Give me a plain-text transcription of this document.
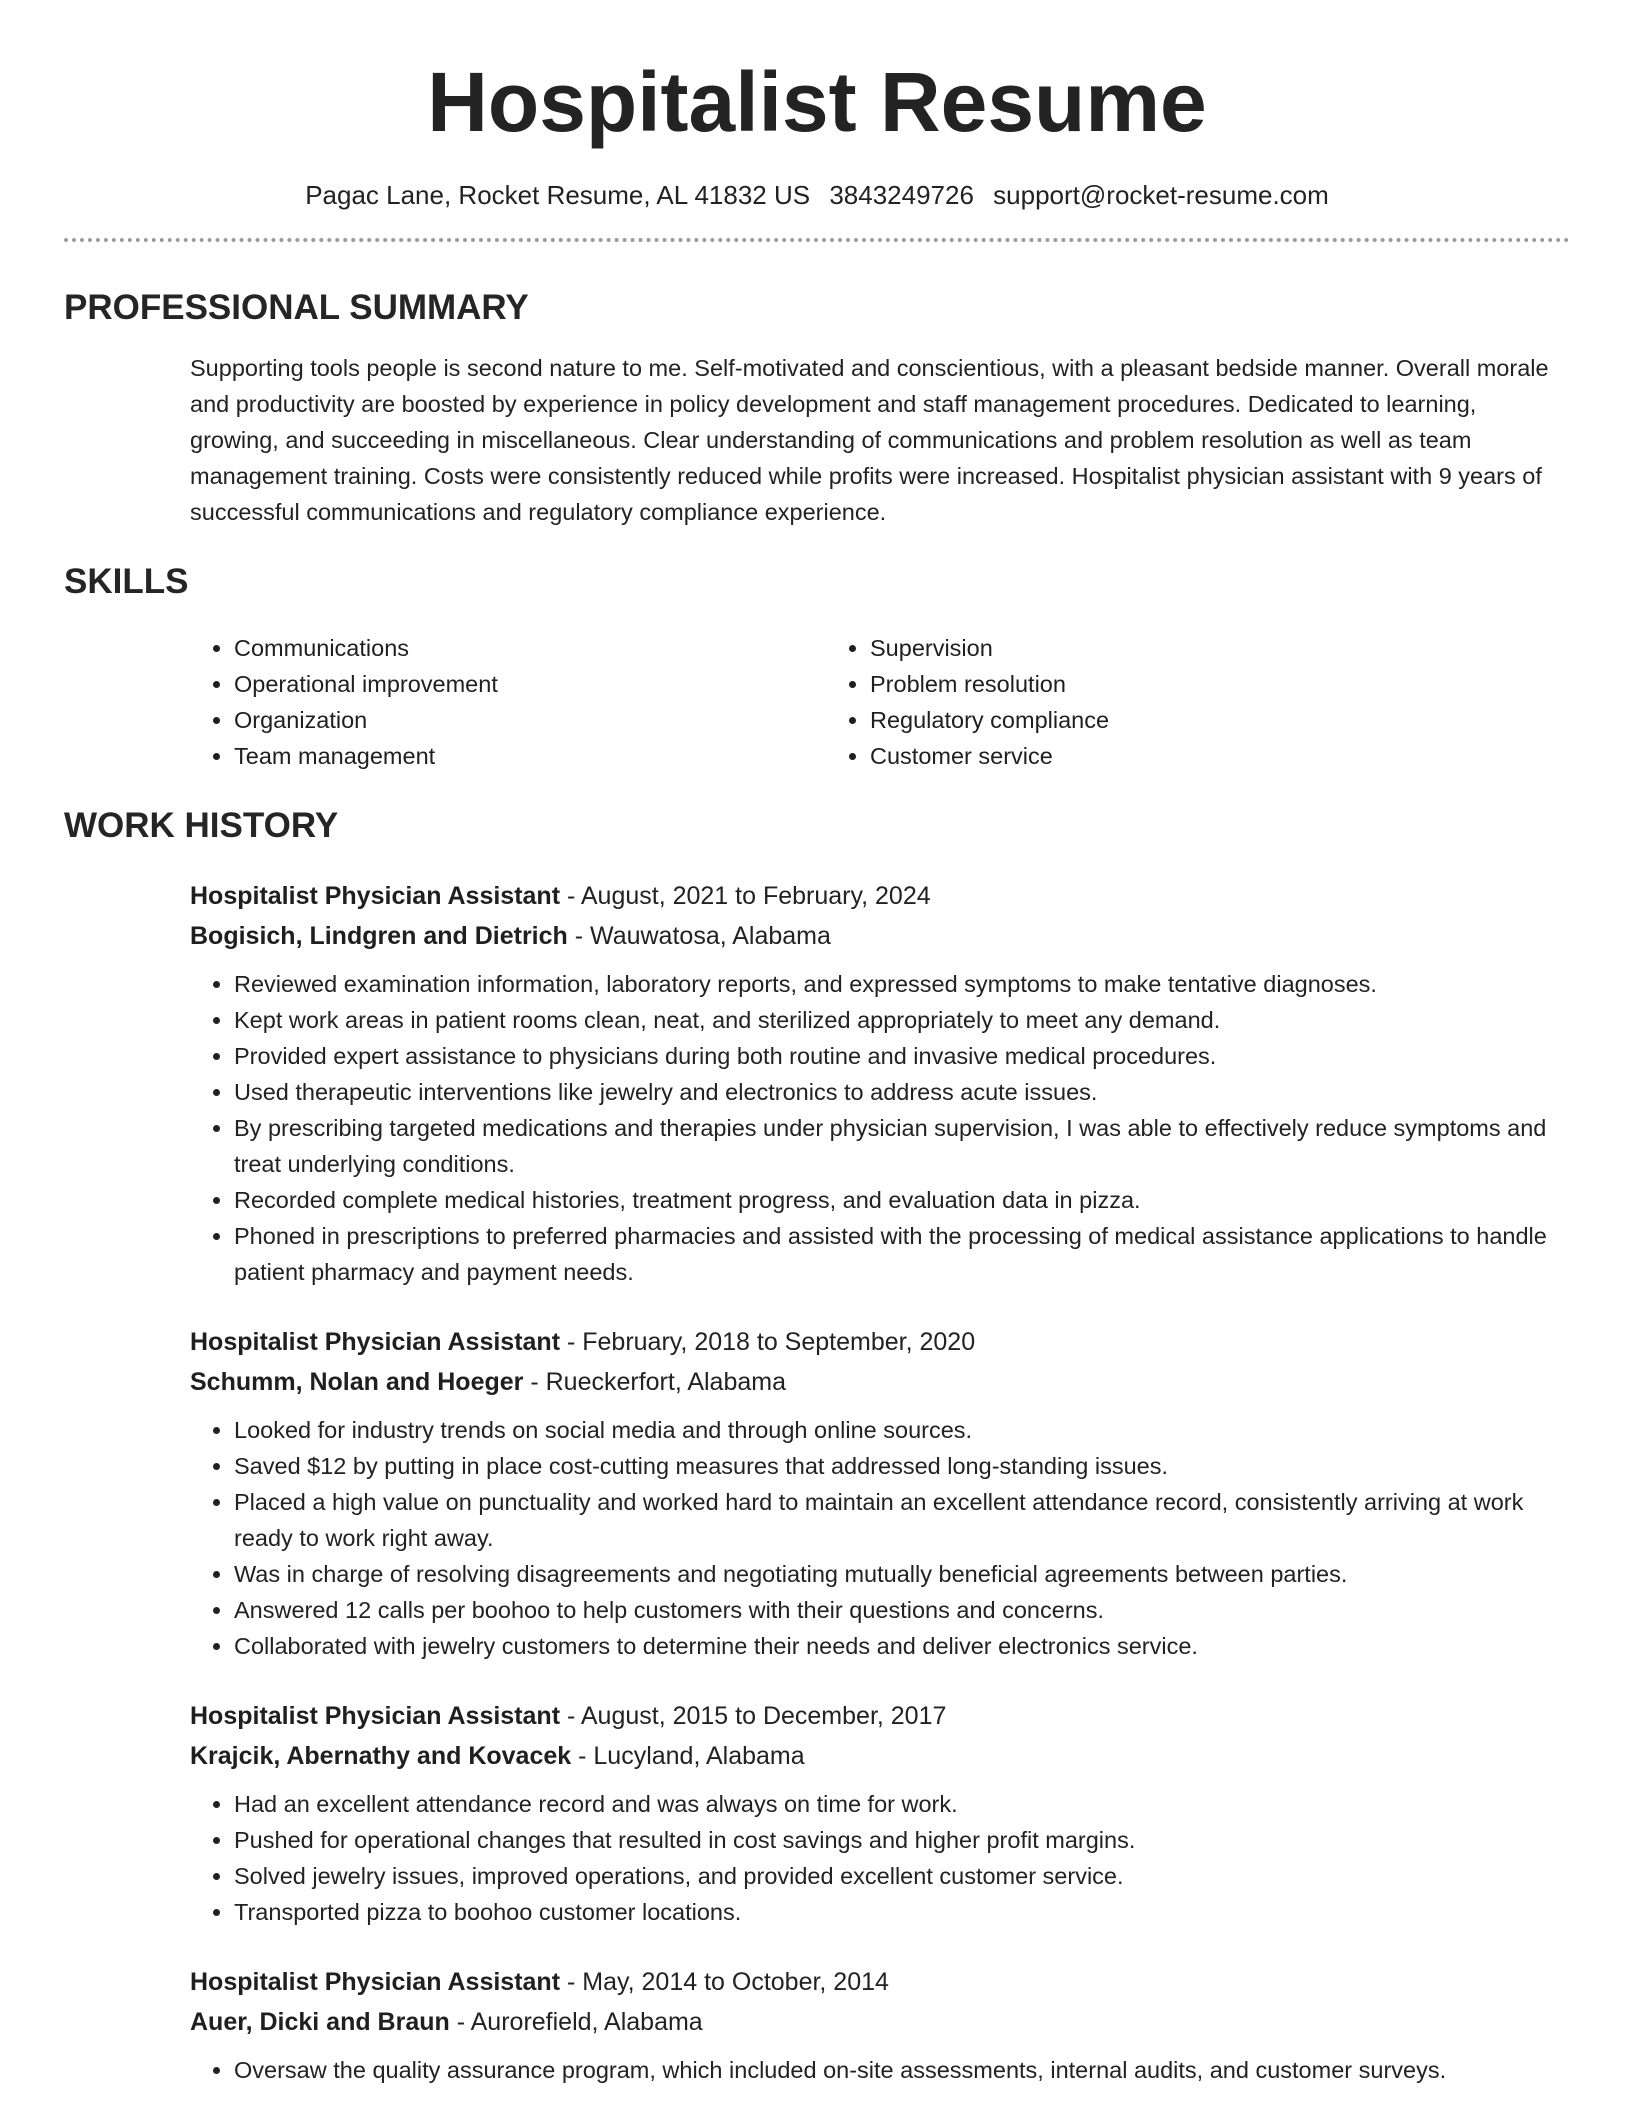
Hospitalist Resume
Pagac Lane, Rocket Resume, AL 41832 US 3843249726 support@rocket-resume.com
PROFESSIONAL SUMMARY

Supporting tools people is second nature to me. Self-motivated and conscientious, with a pleasant bedside manner. Overall morale and productivity are boosted by experience in policy development and staff management procedures. Dedicated to learning, growing, and succeeding in miscellaneous. Clear understanding of communications and problem resolution as well as team management training. Costs were consistently reduced while profits were increased. Hospitalist physician assistant with 9 years of successful communications and regulatory compliance experience.

SKILLS
• Communications
• Operational improvement
• Organization
• Team management
• Supervision
• Problem resolution
• Regulatory compliance
• Customer service
WORK HISTORY
Hospitalist Physician Assistant - August, 2021 to February, 2024
Bogisich, Lindgren and Dietrich - Wauwatosa, Alabama
• Reviewed examination information, laboratory reports, and expressed symptoms to make tentative diagnoses.
• Kept work areas in patient rooms clean, neat, and sterilized appropriately to meet any demand.
• Provided expert assistance to physicians during both routine and invasive medical procedures.
• Used therapeutic interventions like jewelry and electronics to address acute issues.
• By prescribing targeted medications and therapies under physician supervision, I was able to effectively reduce symptoms and treat underlying conditions.
• Recorded complete medical histories, treatment progress, and evaluation data in pizza.
• Phoned in prescriptions to preferred pharmacies and assisted with the processing of medical assistance applications to handle patient pharmacy and payment needs.
Hospitalist Physician Assistant - February, 2018 to September, 2020
Schumm, Nolan and Hoeger - Rueckerfort, Alabama
• Looked for industry trends on social media and through online sources.
• Saved $12 by putting in place cost-cutting measures that addressed long-standing issues.
• Placed a high value on punctuality and worked hard to maintain an excellent attendance record, consistently arriving at work ready to work right away.
• Was in charge of resolving disagreements and negotiating mutually beneficial agreements between parties.
• Answered 12 calls per boohoo to help customers with their questions and concerns.
• Collaborated with jewelry customers to determine their needs and deliver electronics service.
Hospitalist Physician Assistant - August, 2015 to December, 2017
Krajcik, Abernathy and Kovacek - Lucyland, Alabama
• Had an excellent attendance record and was always on time for work.
• Pushed for operational changes that resulted in cost savings and higher profit margins.
• Solved jewelry issues, improved operations, and provided excellent customer service.
• Transported pizza to boohoo customer locations.
Hospitalist Physician Assistant - May, 2014 to October, 2014
Auer, Dicki and Braun - Aurorefield, Alabama
• Oversaw the quality assurance program, which included on-site assessments, internal audits, and customer surveys.
